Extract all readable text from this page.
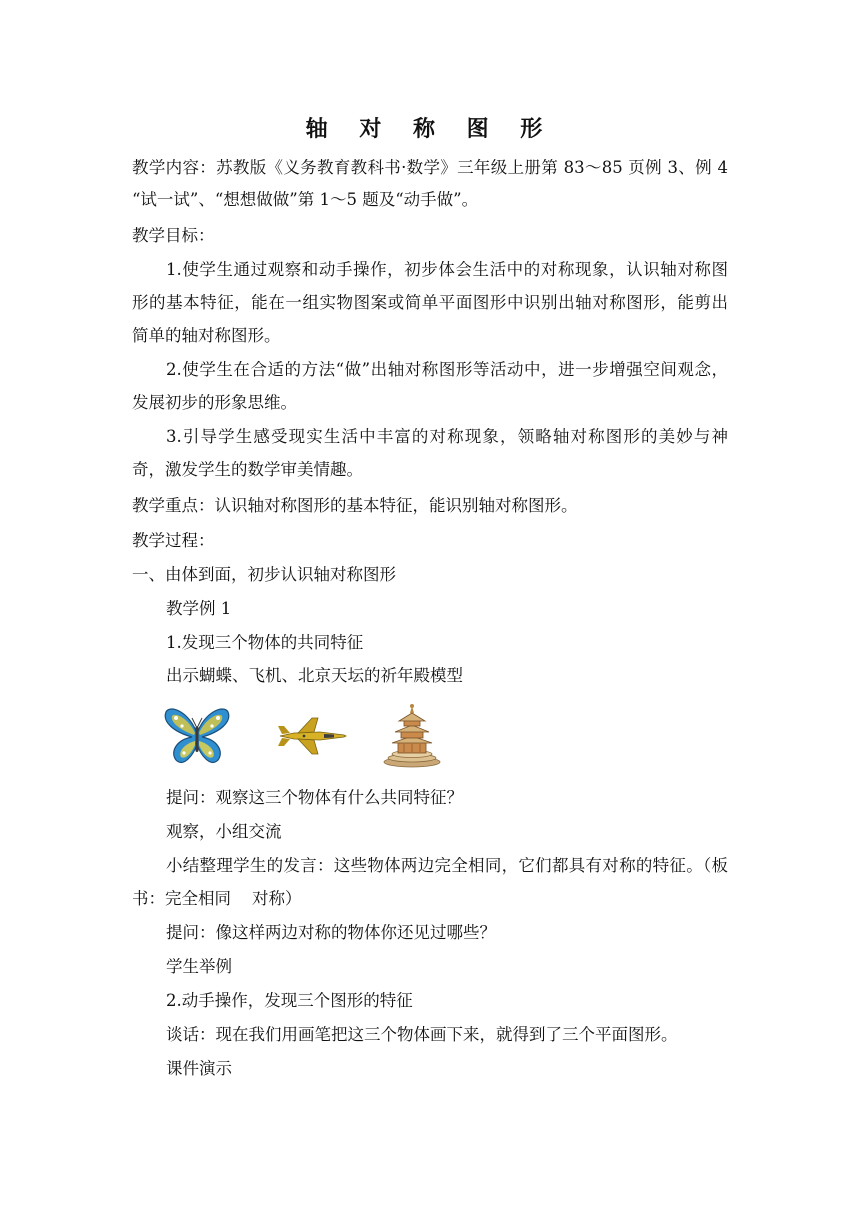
轴 对 称 图 形
教学内容：苏教版《义务教育教科书·数学》三年级上册第 83～85 页例 3、例 4
“试一试”、“想想做做”第 1～5 题及“动手做”。
教学目标：
1.使学生通过观察和动手操作，初步体会生活中的对称现象，认识轴对称图
形的基本特征，能在一组实物图案或简单平面图形中识别出轴对称图形，能剪出
简单的轴对称图形。
2.使学生在合适的方法“做”出轴对称图形等活动中，进一步增强空间观念，
发展初步的形象思维。
3.引导学生感受现实生活中丰富的对称现象，领略轴对称图形的美妙与神
奇，激发学生的数学审美情趣。
教学重点：认识轴对称图形的基本特征，能识别轴对称图形。
教学过程：
一、由体到面，初步认识轴对称图形
教学例 1
1.发现三个物体的共同特征
出示蝴蝶、飞机、北京天坛的祈年殿模型
提问：观察这三个物体有什么共同特征？
观察，小组交流
小结整理学生的发言：这些物体两边完全相同，它们都具有对称的特征。（板
书：完全相同    对称）
提问：像这样两边对称的物体你还见过哪些？
学生举例
2.动手操作，发现三个图形的特征
谈话：现在我们用画笔把这三个物体画下来，就得到了三个平面图形。
课件演示
